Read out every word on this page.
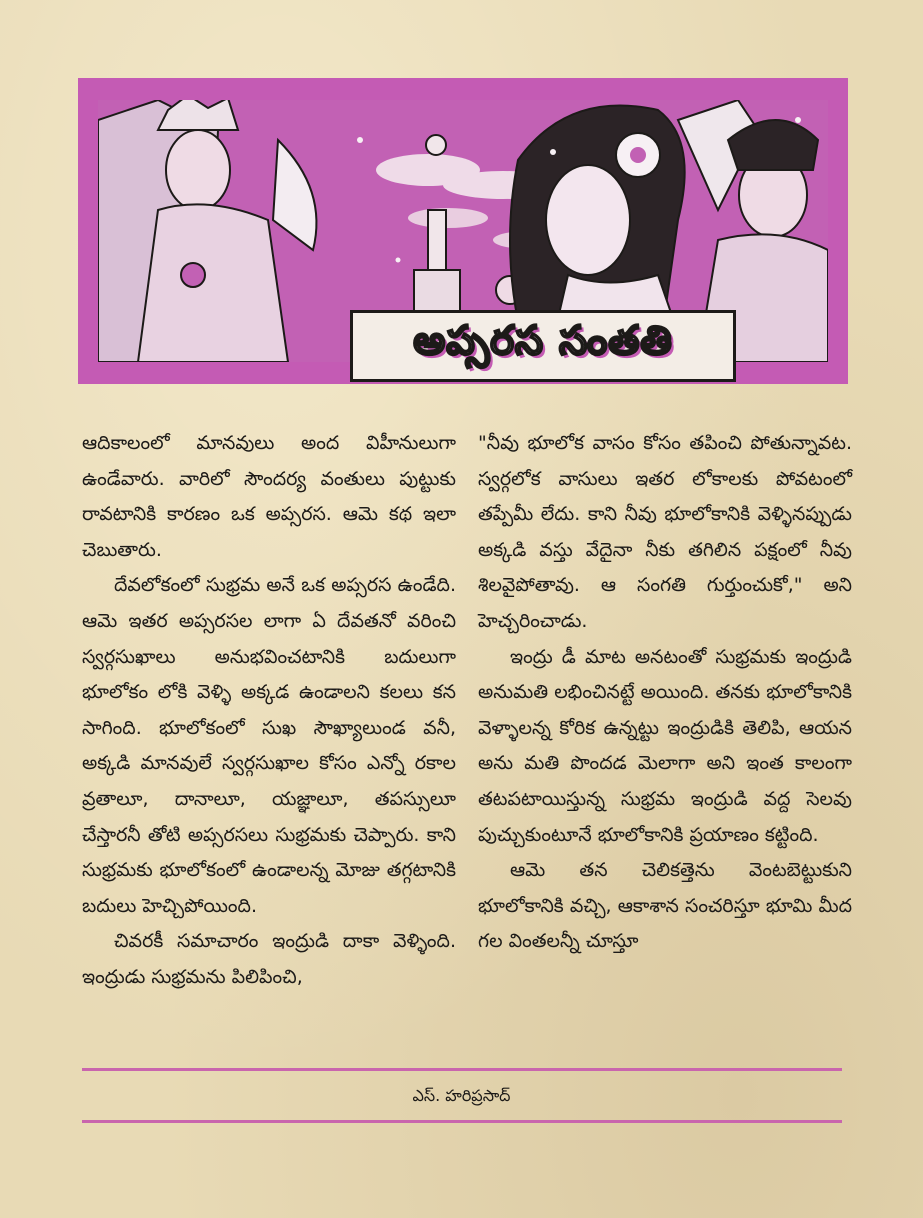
అప్సరస సంతతి

ఆదికాలంలో మానవులు అంద విహీనులుగా ఉండేవారు. వారిలో సౌందర్య వంతులు పుట్టుకు రావటానికి కారణం ఒక అప్సరస. ఆమె కథ ఇలా చెబుతారు.

దేవలోకంలో సుభ్రమ అనే ఒక అప్సరస ఉండేది. ఆమె ఇతర అప్సరసల లాగా ఏ దేవతనో వరించి స్వర్గసుఖాలు అనుభవించటానికి బదులుగా భూలోకం లోకి వెళ్ళి అక్కడ ఉండాలని కలలు కన సాగింది. భూలోకంలో సుఖ సౌఖ్యాలుండ వనీ, అక్కడి మానవులే స్వర్గసుఖాల కోసం ఎన్నో రకాల వ్రతాలూ, దానాలూ, యజ్ఞాలూ, తపస్సులూ చేస్తారనీ తోటి అప్సరసలు సుభ్రమకు చెప్పారు. కాని సుభ్రమకు భూలోకంలో ఉండాలన్న మోజు తగ్గటానికి బదులు హెచ్చిపోయింది.

చివరకీ సమాచారం ఇంద్రుడి దాకా వెళ్ళింది. ఇంద్రుడు సుభ్రమను పిలిపించి,

"నీవు భూలోక వాసం కోసం తపించి పోతున్నావట. స్వర్గలోక వాసులు ఇతర లోకాలకు పోవటంలో తప్పేమీ లేదు. కాని నీవు భూలోకానికి వెళ్ళినప్పుడు అక్కడి వస్తు వేదైనా నీకు తగిలిన పక్షంలో నీవు శిలవైపోతావు. ఆ సంగతి గుర్తుంచుకో," అని హెచ్చరించాడు.

ఇంద్రు డీ మాట అనటంతో సుభ్రమకు ఇంద్రుడి అనుమతి లభించినట్టే అయింది. తనకు భూలోకానికి వెళ్ళాలన్న కోరిక ఉన్నట్టు ఇంద్రుడికి తెలిపి, ఆయన అను మతి పొందడ మెలాగా అని ఇంత కాలంగా తటపటాయిస్తున్న సుభ్రమ ఇంద్రుడి వద్ద సెలవు పుచ్చుకుంటూనే భూలోకానికి ప్రయాణం కట్టింది.

ఆమె తన చెలికత్తెను వెంటబెట్టుకుని భూలోకానికి వచ్చి, ఆకాశాన సంచరిస్తూ భూమి మీద గల వింతలన్నీ చూస్తూ

ఎస్. హరిప్రసాద్
